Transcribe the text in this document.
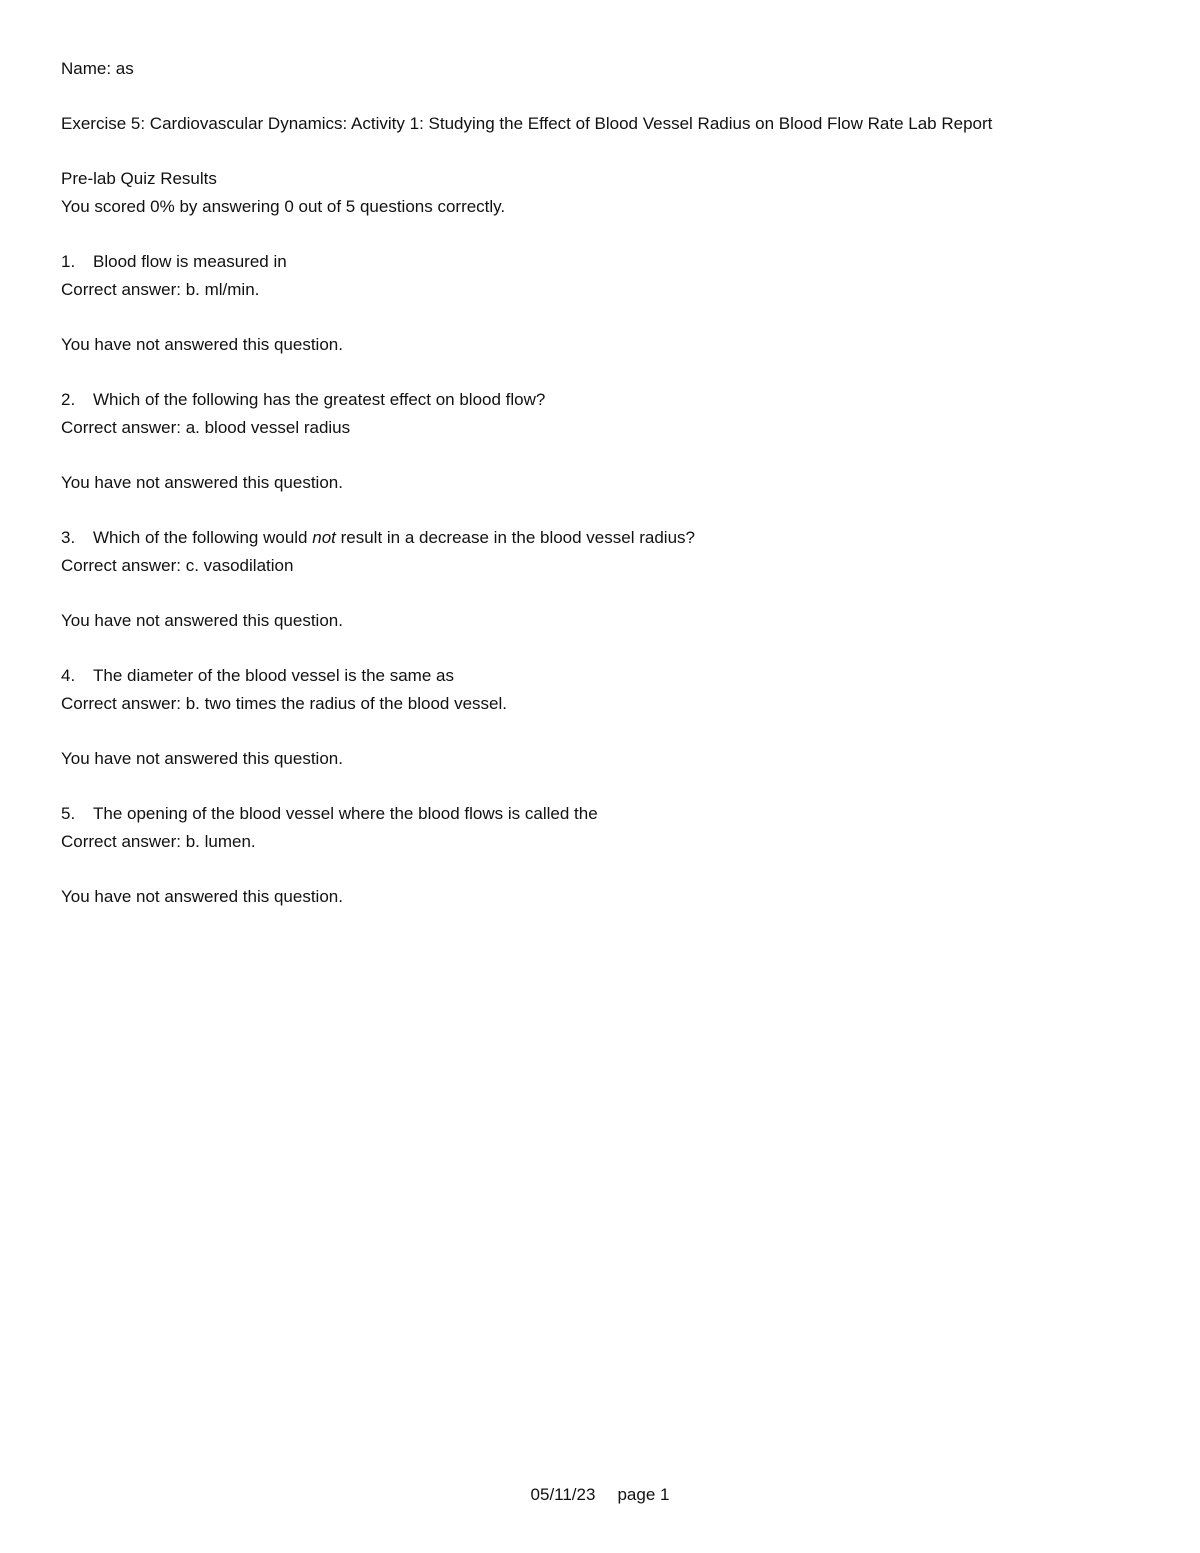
Name: as
Exercise 5: Cardiovascular Dynamics: Activity 1: Studying the Effect of Blood Vessel Radius on Blood Flow Rate Lab Report
Pre-lab Quiz Results
You scored 0% by answering 0 out of 5 questions correctly.
1. Blood flow is measured in
Correct answer: b. ml/min.
You have not answered this question.
2. Which of the following has the greatest effect on blood flow?
Correct answer: a. blood vessel radius
You have not answered this question.
3. Which of the following would not result in a decrease in the blood vessel radius?
Correct answer: c. vasodilation
You have not answered this question.
4. The diameter of the blood vessel is the same as
Correct answer: b. two times the radius of the blood vessel.
You have not answered this question.
5. The opening of the blood vessel where the blood flows is called the
Correct answer: b. lumen.
You have not answered this question.
05/11/23 page 1
